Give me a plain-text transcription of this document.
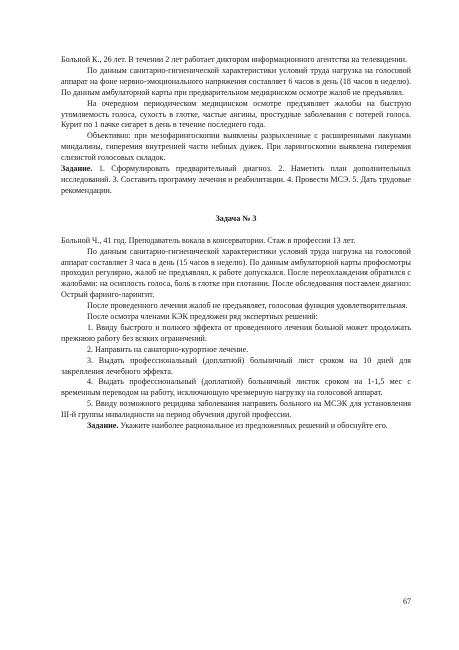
Больной К., 26 лет. В течении 2 лет работает диктором информационного агентства на телевидении.

По данным санитарно-гигиенической характеристики условий труда нагрузка на голосовой аппарат на фоне нервно-эмоционального напряжения составляет 6 часов в день (18 часов в неделю). По данным амбулаторной карты при предварительном медицинском осмотре жалоб не предъявлял.

На очередном периодическом медицинском осмотре предъявляет жалобы на быструю утомляемость голоса, сухость в глотке, частые ангины, простудные заболевания с потерей голоса. Курит по 1 пачке сигарет в день в течение последнего года.

Объективно: при мезофарингоскопии выявлены разрыхленные с расширенными лакунами миндалины, гиперемия внутренней части небных дужек. При ларингоскопии выявлена гиперемия слизистой голосовых складок.

Задание. 1. Сформулировать предварительный диагноз. 2. Наметить план дополнительных исследований. 3. Составить программу лечения и реабилитации. 4. Провести МСЭ. 5. Дать трудовые рекомендации.

Задача № 3

Больной Ч., 41 год. Преподаватель вокала в консерватории. Стаж в профессии 13 лет.

По данным санитарно-гигиенической характеристики условий труда нагрузка на голосовой аппарат составляет 3 часа в день (15 часов в неделю). По данным амбулаторной карты профосмотры проходил регулярно, жалоб не предъявлял, к работе допускался. После переохлаждения обратился с жалобами: на осиплость голоса, боль в глотке при глотании. После обследования поставлен диагноз: Острый фаринго-ларингит.

После проведенного лечения жалоб не предъявляет, голосовая функция удовлетворительная.

После осмотра членами КЭК предложен ряд экспертных решений:

1. Ввиду быстрого и полного эффекта от проведенного лечения больной может продолжать прежнюю работу без всяких ограничений.

2. Направить на санаторно-курортное лечение.

3. Выдать профессиональный (доплатной) больничный лист сроком на 10 дней для закрепления лечебного эффекта.

4. Выдать профессиональный (доплатной) больничный листок сроком на 1-1,5 мес с временным переводом на работу, исключающую чрезмерную нагрузку на голосовой аппарат.

5. Ввиду возможного рецидива заболевания направить больного на МСЭК для установления III-й группы инвалидности на период обучения другой профессии.

Задание. Укажите наиболее рациональное из предложенных решений и обоснуйте его.

67
